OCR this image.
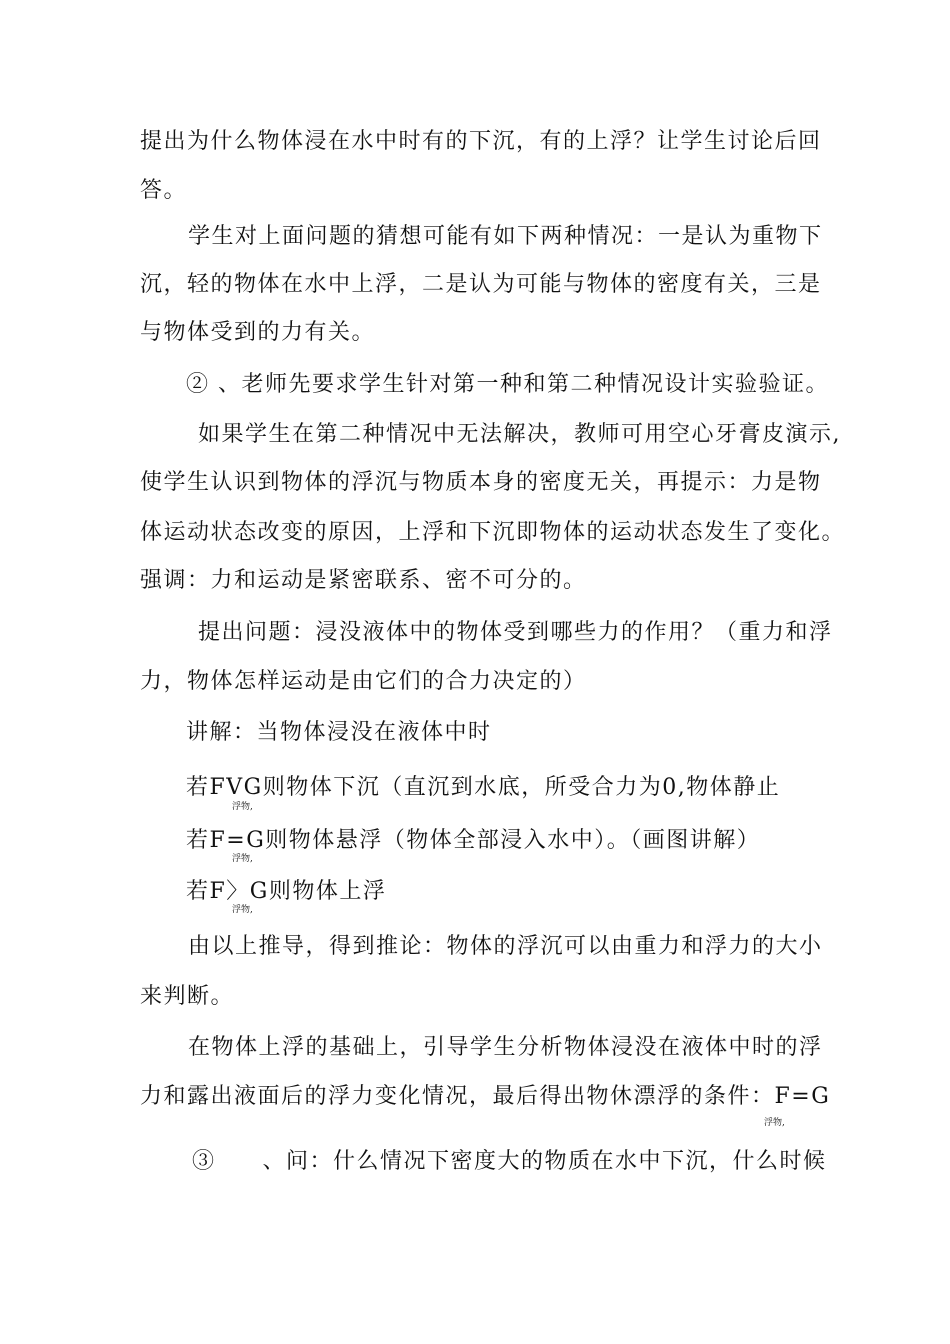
提出为什么物体浸在水中时有的下沉，有的上浮？让学生讨论后回
答。
学生对上面问题的猜想可能有如下两种情况：一是认为重物下
沉，轻的物体在水中上浮，二是认为可能与物体的密度有关，三是
与物体受到的力有关。
② 、老师先要求学生针对第一种和第二种情况设计实验验证。
如果学生在第二种情况中无法解决，教师可用空心牙膏皮演示,
使学生认识到物体的浮沉与物质本身的密度无关，再提示：力是物
体运动状态改变的原因，上浮和下沉即物体的运动状态发生了变化。
强调：力和运动是紧密联系、密不可分的。
提出问题：浸没液体中的物体受到哪些力的作用？（重力和浮
力，物体怎样运动是由它们的合力决定的）
讲解：当物体浸没在液体中时
若FVG则物体下沉（直沉到水底，所受合力为0,物体静止
浮物,
若F=G则物体悬浮（物体全部浸入水中）。（画图讲解）
浮物,
若F〉G则物体上浮
浮物,
由以上推导，得到推论：物体的浮沉可以由重力和浮力的大小
来判断。
在物体上浮的基础上，引导学生分析物体浸没在液体中时的浮
力和露出液面后的浮力变化情况，最后得出物休漂浮的条件：F=G
浮物,
③　　、问：什么情况下密度大的物质在水中下沉，什么时候
